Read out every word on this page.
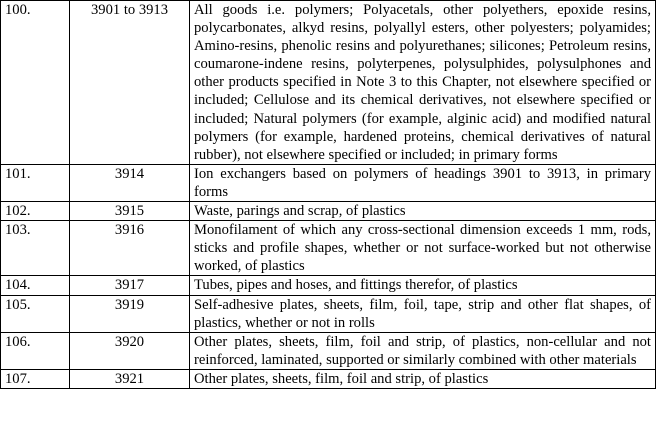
100.	3901 to 3913	All goods i.e. polymers; Polyacetals, other polyethers, epoxide resins, polycarbonates, alkyd resins, polyallyl esters, other polyesters; polyamides; Amino-resins, phenolic resins and polyurethanes; silicones; Petroleum resins, coumarone-indene resins, polyterpenes, polysulphides, polysulphones and other products specified in Note 3 to this Chapter, not elsewhere specified or included; Cellulose and its chemical derivatives, not elsewhere specified or included; Natural polymers (for example, alginic acid) and modified natural polymers (for example, hardened proteins, chemical derivatives of natural rubber), not elsewhere specified or included; in primary forms
101.	3914	Ion exchangers based on polymers of headings 3901 to 3913, in primary forms
102.	3915	Waste, parings and scrap, of plastics
103.	3916	Monofilament of which any cross-sectional dimension exceeds 1 mm, rods, sticks and profile shapes, whether or not surface-worked but not otherwise worked, of plastics
104.	3917	Tubes, pipes and hoses, and fittings therefor, of plastics
105.	3919	Self-adhesive plates, sheets, film, foil, tape, strip and other flat shapes, of plastics, whether or not in rolls
106.	3920	Other plates, sheets, film, foil and strip, of plastics, non-cellular and not reinforced, laminated, supported or similarly combined with other materials
107.	3921	Other plates, sheets, film, foil and strip, of plastics
